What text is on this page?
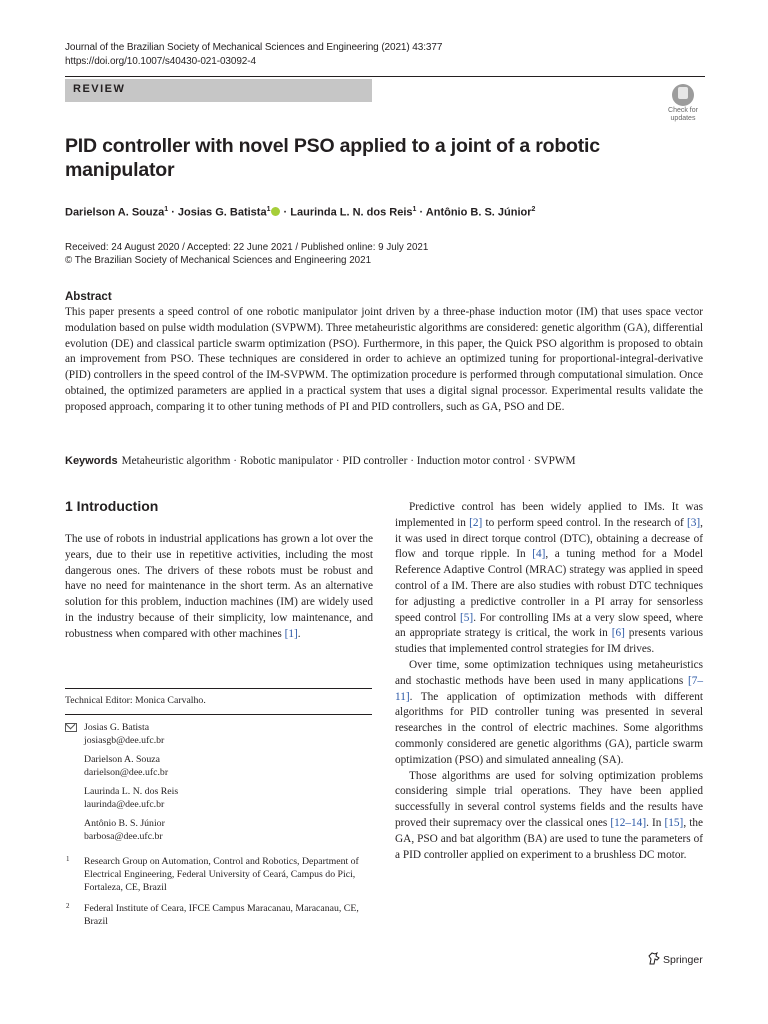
Journal of the Brazilian Society of Mechanical Sciences and Engineering (2021) 43:377
https://doi.org/10.1007/s40430-021-03092-4
REVIEW
Check for
updates
PID controller with novel PSO applied to a joint of a robotic manipulator
Darielson A. Souza$^1$ · Josias G. Batista$^1$ · Laurinda L. N. dos Reis$^1$ · Antônio B. S. Júnior$^2$
Received: 24 August 2020 / Accepted: 22 June 2021 / Published online: 9 July 2021
© The Brazilian Society of Mechanical Sciences and Engineering 2021
Abstract
This paper presents a speed control of one robotic manipulator joint driven by a three-phase induction motor (IM) that uses space vector modulation based on pulse width modulation (SVPWM). Three metaheuristic algorithms are considered: genetic algorithm (GA), differential evolution (DE) and classical particle swarm optimization (PSO). Furthermore, in this paper, the Quick PSO algorithm is proposed to obtain an improvement from PSO. These techniques are considered in order to achieve an optimized tuning for proportional-integral-derivative (PID) controllers in the speed control of the IM-SVPWM. The optimization procedure is performed through computational simulation. Once obtained, the optimized parameters are applied in a practical system that uses a digital signal processor. Experimental results validate the proposed approach, comparing it to other tuning methods of PI and PID controllers, such as GA, PSO and DE.
Keywords Metaheuristic algorithm · Robotic manipulator · PID controller · Induction motor control · SVPWM
1 Introduction

The use of robots in industrial applications has grown a lot over the years, due to their use in repetitive activities, including the most dangerous ones. The drivers of these robots must be robust and have no need for maintenance in the short term. As an alternative solution for this problem, induction machines (IM) are widely used in the industry because of their simplicity, low maintenance, and robustness when compared with other machines [1].

Predictive control has been widely applied to IMs. It was implemented in [2] to perform speed control. In the research of [3], it was used in direct torque control (DTC), obtaining a decrease of flow and torque ripple. In [4], a tuning method for a Model Reference Adaptive Control (MRAC) strategy was applied in speed control of a IM. There are also studies with robust DTC techniques for adjusting a predictive controller in a PI array for sensorless speed control [5]. For controlling IMs at a very slow speed, where an appropriate strategy is critical, the work in [6] presents various studies that implemented control strategies for IM drives.

Over time, some optimization techniques using metaheuristics and stochastic methods have been used in many applications [7–11]. The application of optimization methods with different algorithms for PID controller tuning was presented in several researches in the control of electric machines. Some algorithms commonly considered are genetic algorithms (GA), particle swarm optimization (PSO) and simulated annealing (SA).

Those algorithms are used for solving optimization problems considering simple trial operations. They have been applied successfully in several control systems fields and the results have proved their supremacy over the classical ones [12–14]. In [15], the GA, PSO and bat algorithm (BA) are used to tune the parameters of a PID controller applied on experiment to a brushless DC motor.

Technical Editor: Monica Carvalho.
Josias G. Batista
josiasgb@dee.ufc.br
Darielson A. Souza
darielson@dee.ufc.br
Laurinda L. N. dos Reis
laurinda@dee.ufc.br
Antônio B. S. Júnior
barbosa@dee.ufc.br
1 Research Group on Automation, Control and Robotics, Department of Electrical Engineering, Federal University of Ceará, Campus do Pici, Fortaleza, CE, Brazil
2 Federal Institute of Ceara, IFCE Campus Maracanau, Maracanau, CE, Brazil
Springer
